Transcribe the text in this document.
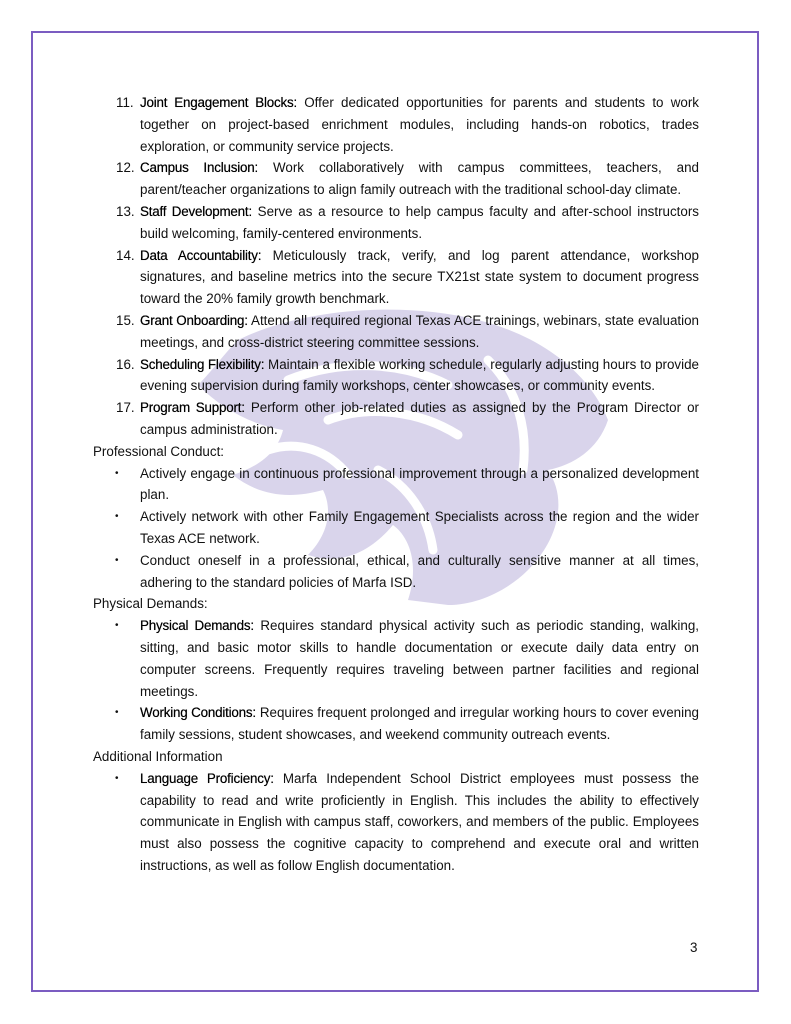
11. Joint Engagement Blocks: Offer dedicated opportunities for parents and students to work together on project-based enrichment modules, including hands-on robotics, trades exploration, or community service projects.
12. Campus Inclusion: Work collaboratively with campus committees, teachers, and parent/teacher organizations to align family outreach with the traditional school-day climate.
13. Staff Development: Serve as a resource to help campus faculty and after-school instructors build welcoming, family-centered environments.
14. Data Accountability: Meticulously track, verify, and log parent attendance, workshop signatures, and baseline metrics into the secure TX21st state system to document progress toward the 20% family growth benchmark.
15. Grant Onboarding: Attend all required regional Texas ACE trainings, webinars, state evaluation meetings, and cross-district steering committee sessions.
16. Scheduling Flexibility: Maintain a flexible working schedule, regularly adjusting hours to provide evening supervision during family workshops, center showcases, or community events.
17. Program Support: Perform other job-related duties as assigned by the Program Director or campus administration.

Professional Conduct:

• Actively engage in continuous professional improvement through a personalized development plan.
• Actively network with other Family Engagement Specialists across the region and the wider Texas ACE network.
• Conduct oneself in a professional, ethical, and culturally sensitive manner at all times, adhering to the standard policies of Marfa ISD.

Physical Demands:

• Physical Demands: Requires standard physical activity such as periodic standing, walking, sitting, and basic motor skills to handle documentation or execute daily data entry on computer screens. Frequently requires traveling between partner facilities and regional meetings.
• Working Conditions: Requires frequent prolonged and irregular working hours to cover evening family sessions, student showcases, and weekend community outreach events.

Additional Information

• Language Proficiency: Marfa Independent School District employees must possess the capability to read and write proficiently in English. This includes the ability to effectively communicate in English with campus staff, coworkers, and members of the public. Employees must also possess the cognitive capacity to comprehend and execute oral and written instructions, as well as follow English documentation.
3
